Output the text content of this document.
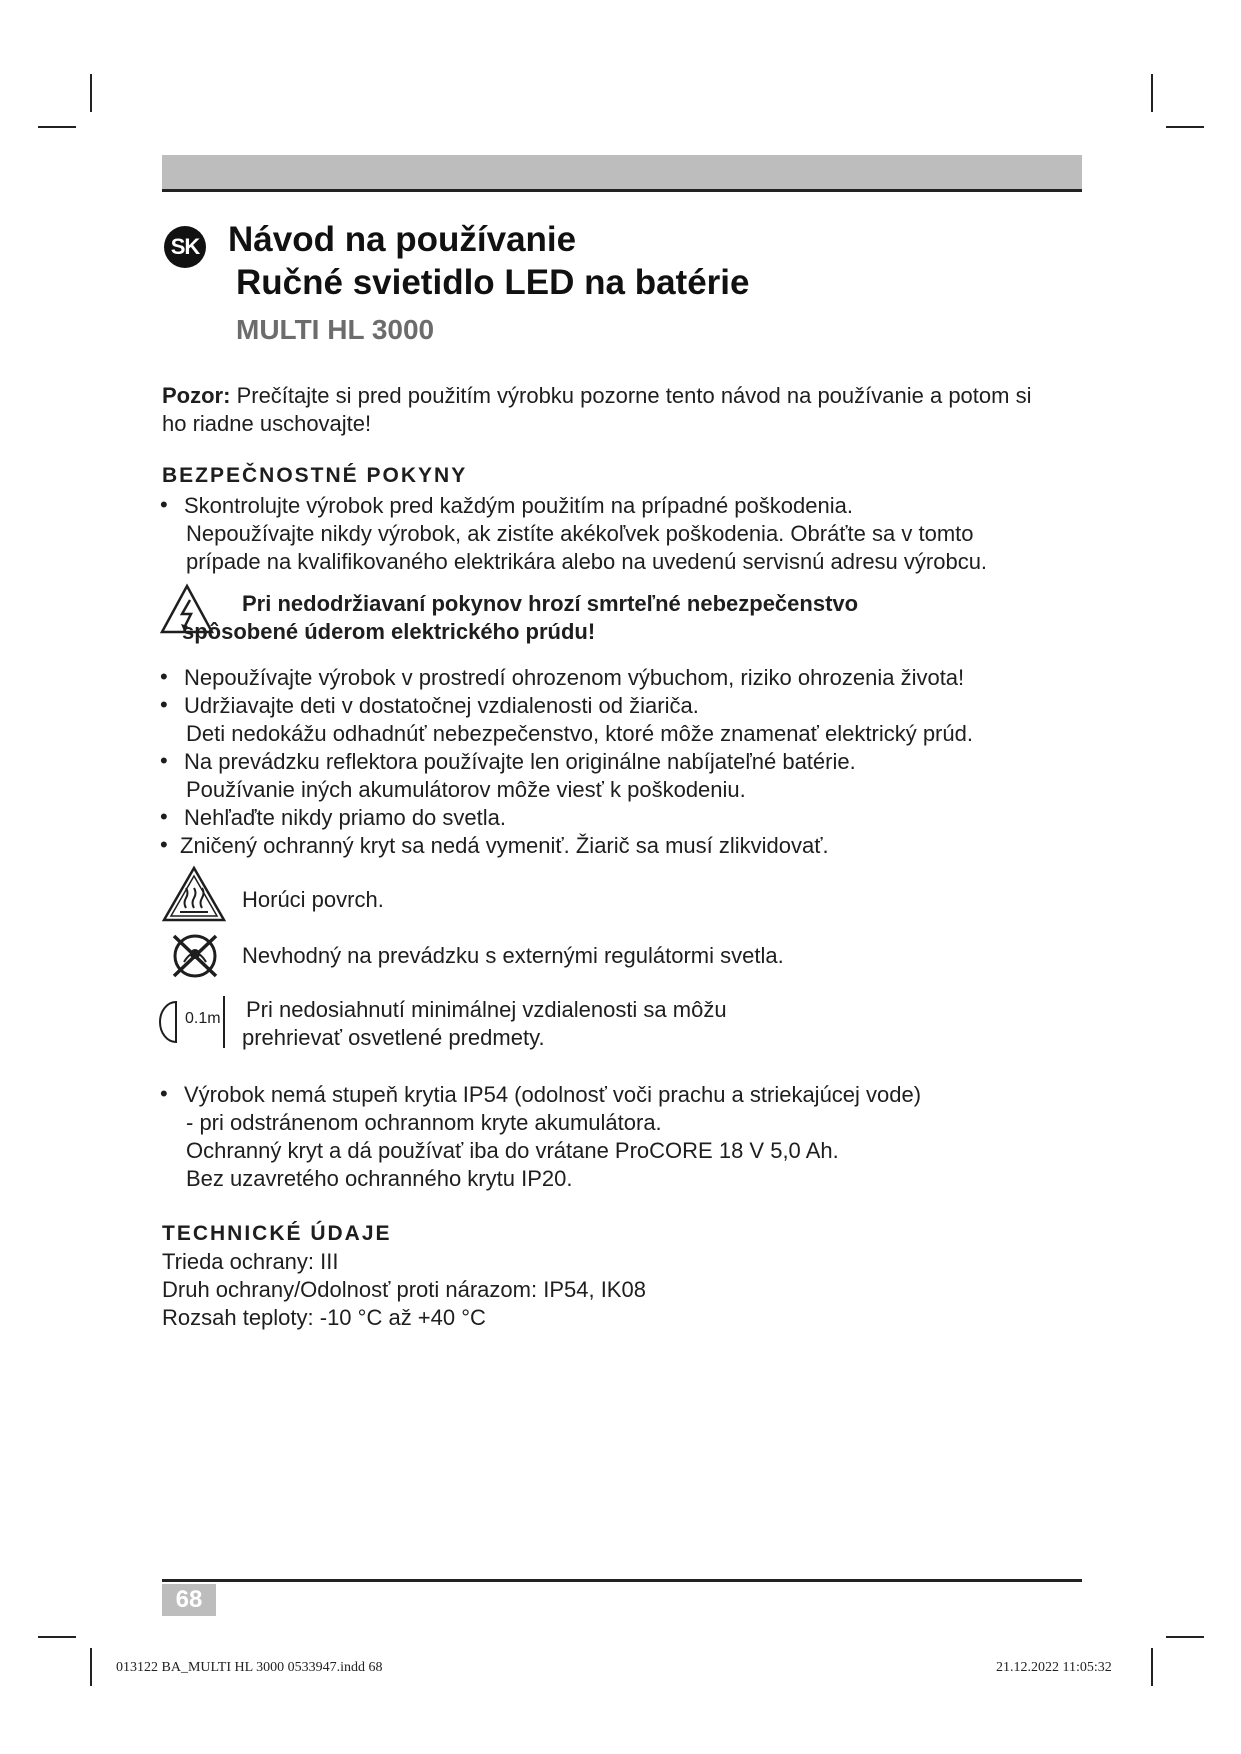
SK Návod na používanie
Ručné svietidlo LED na batérie
MULTI HL 3000
Pozor: Prečítajte si pred použitím výrobku pozorne tento návod na používanie a potom si
ho riadne uschovajte!
BEZPEČNOSTNÉ POKYNY
• Skontrolujte výrobok pred každým použitím na prípadné poškodenia.
Nepoužívajte nikdy výrobok, ak zistíte akékoľvek poškodenia. Obráťte sa v tomto
prípade na kvalifikovaného elektrikára alebo na uvedenú servisnú adresu výrobcu.
Pri nedodržiavaní pokynov hrozí smrteľné nebezpečenstvo
spôsobené úderom elektrického prúdu!
• Nepoužívajte výrobok v prostredí ohrozenom výbuchom, riziko ohrozenia života!
• Udržiavajte deti v dostatočnej vzdialenosti od žiariča.
Deti nedokážu odhadnúť nebezpečenstvo, ktoré môže znamenať elektrický prúd.
• Na prevádzku reflektora používajte len originálne nabíjateľné batérie.
Používanie iných akumulátorov môže viesť k poškodeniu.
• Nehľaďte nikdy priamo do svetla.
• Zničený ochranný kryt sa nedá vymeniť. Žiarič sa musí zlikvidovať.
Horúci povrch.
Nevhodný na prevádzku s externými regulátormi svetla.
0.1m Pri nedosiahnutí minimálnej vzdialenosti sa môžu
prehrievať osvetlené predmety.
• Výrobok nemá stupeň krytia IP54 (odolnosť voči prachu a striekajúcej vode)
- pri odstránenom ochrannom kryte akumulátora.
Ochranný kryt a dá používať iba do vrátane ProCORE 18 V 5,0 Ah.
Bez uzavretého ochranného krytu IP20.
TECHNICKÉ ÚDAJE
Trieda ochrany: III
Druh ochrany/Odolnosť proti nárazom: IP54, IK08
Rozsah teploty: -10 °C až +40 °C
68
013122 BA_MULTI HL 3000 0533947.indd 68	21.12.2022 11:05:32
